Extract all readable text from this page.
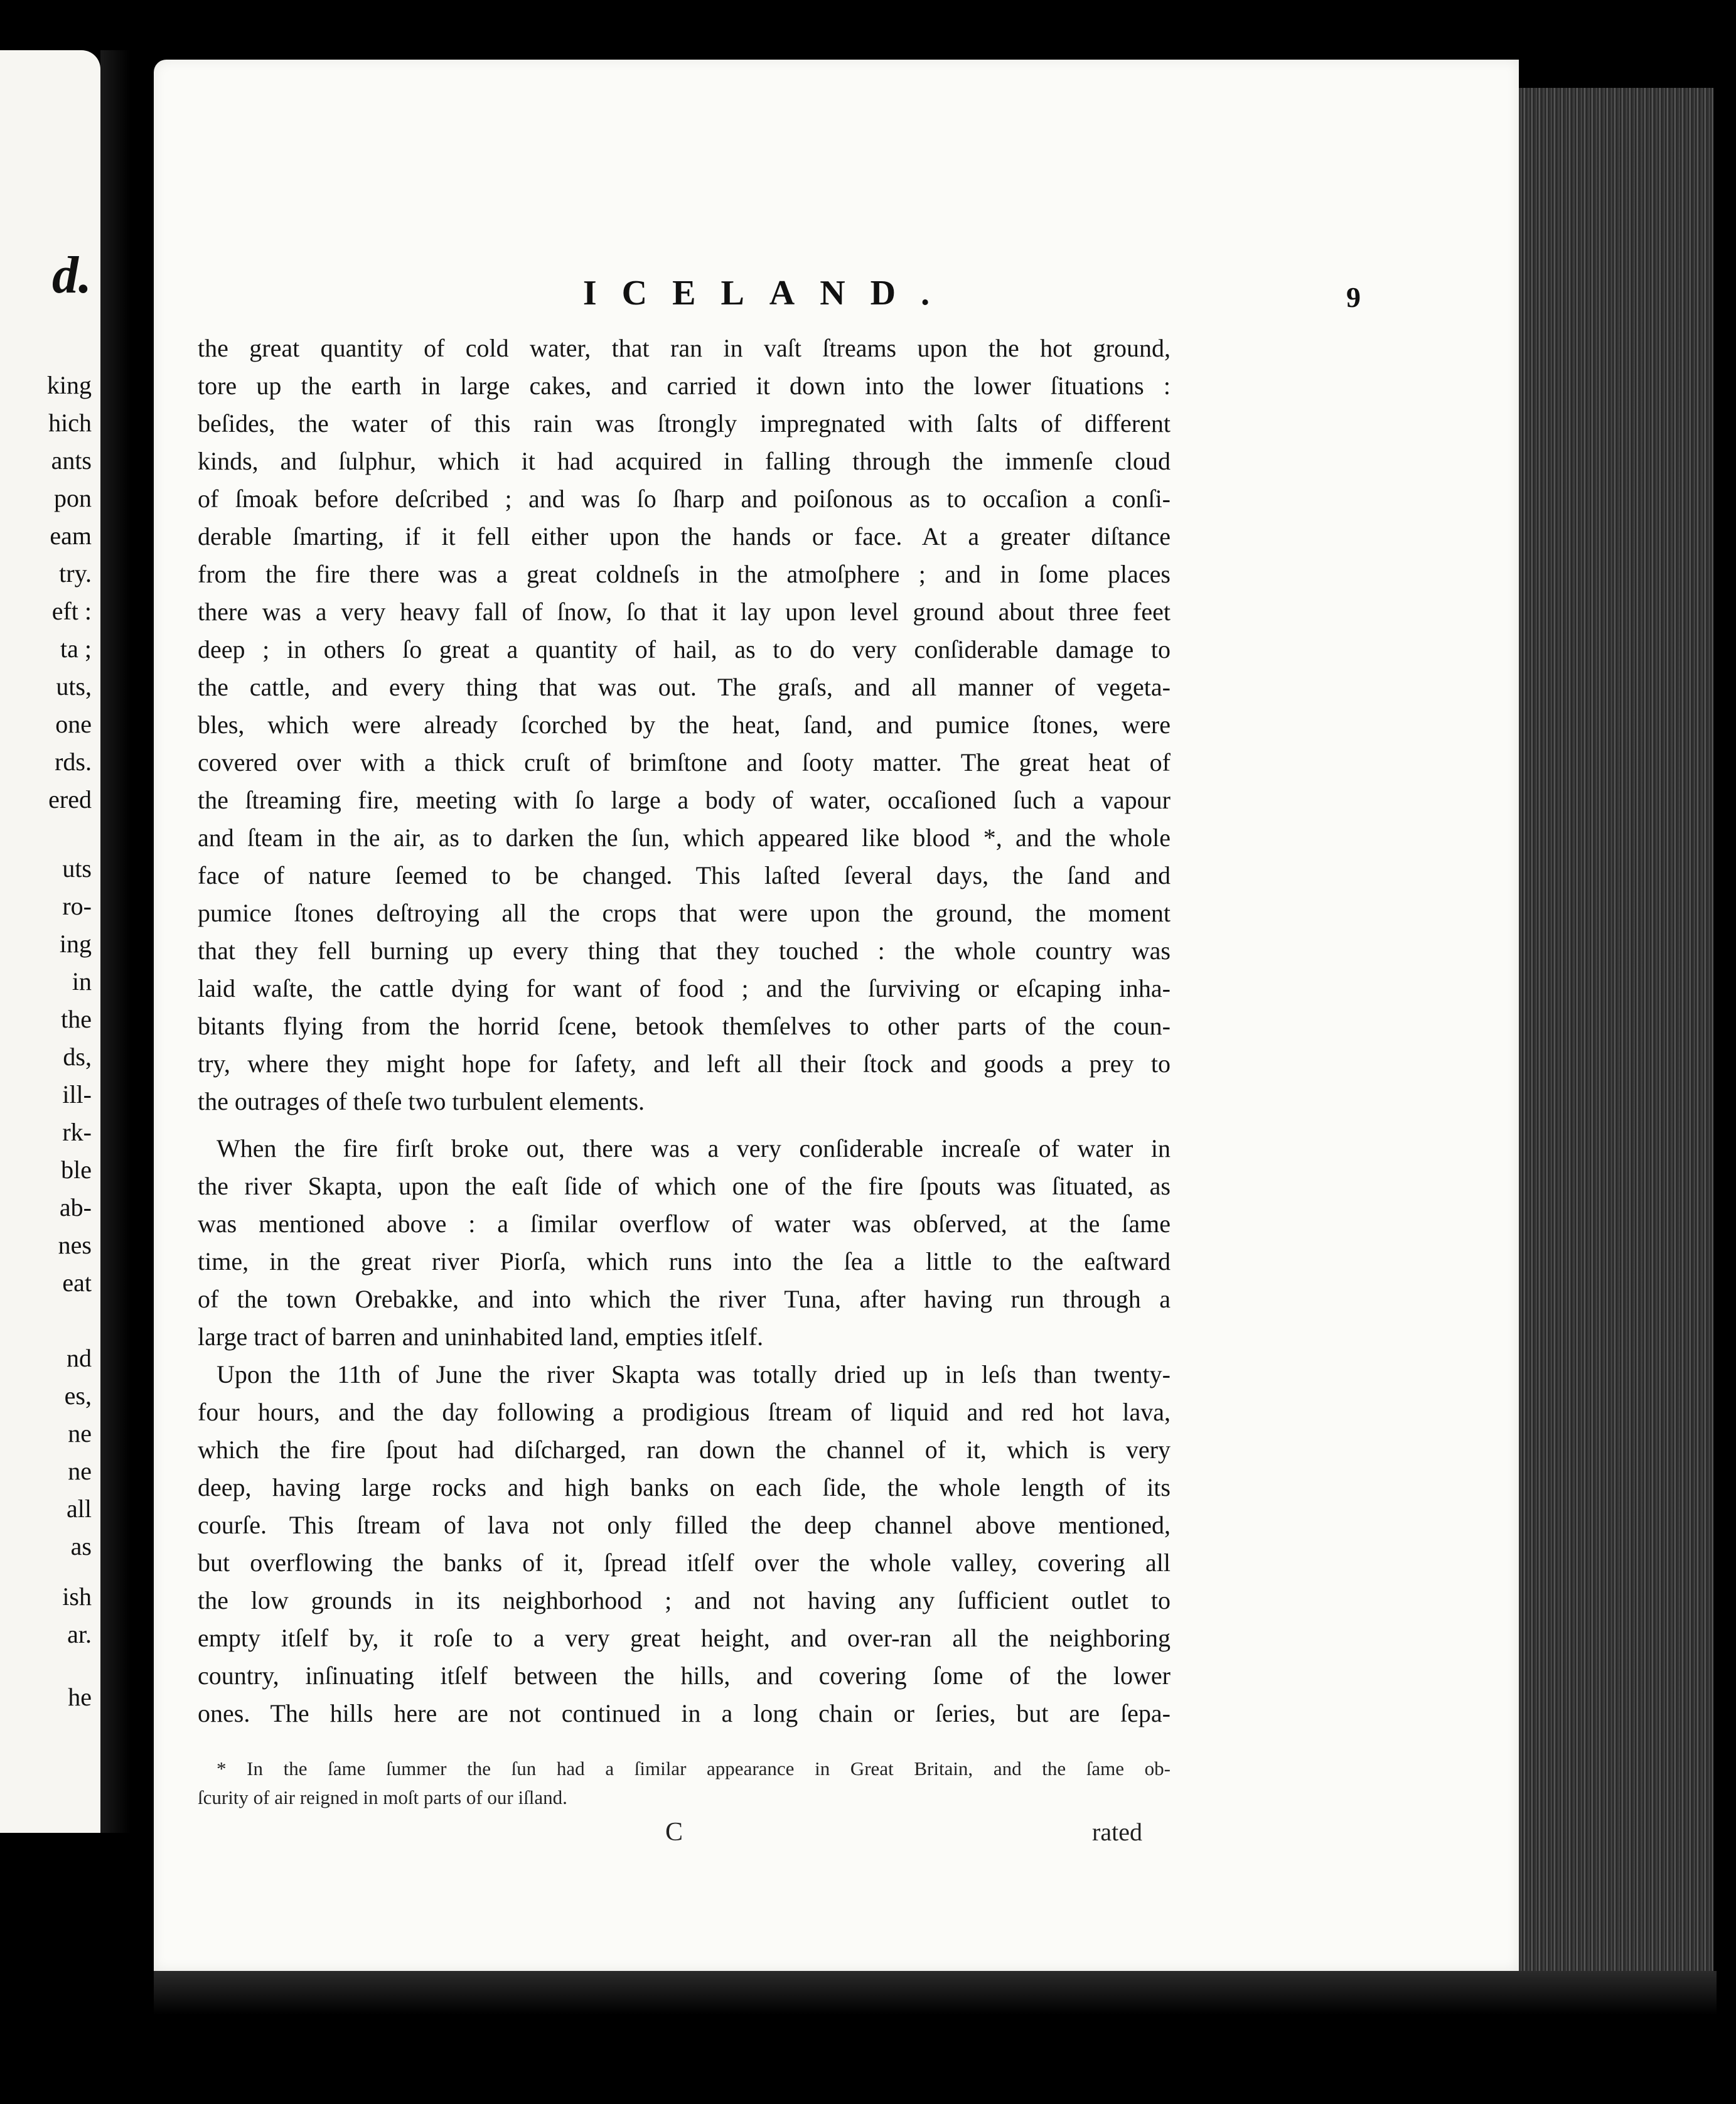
d.
king
hich
ants
pon
eam
try.
eft :
ta ;
uts,
one
rds.
ered
uts
ro-
ing
in
the
ds,
ill-
rk-
ble
ab-
nes
eat
nd
es,
ne
ne
all
as
ish
ar.
he
ICELAND.	9
the great quantity of cold water, that ran in vaſt ſtreams upon the hot ground,
tore up the earth in large cakes, and carried it down into the lower ſituations :
beſides, the water of this rain was ſtrongly impregnated with ſalts of different
kinds, and ſulphur, which it had acquired in falling through the immenſe cloud
of ſmoak before deſcribed ; and was ſo ſharp and poiſonous as to occaſion a conſi-
derable ſmarting, if it fell either upon the hands or face. At a greater diſtance
from the fire there was a great coldneſs in the atmoſphere ; and in ſome places
there was a very heavy fall of ſnow, ſo that it lay upon level ground about three feet
deep ; in others ſo great a quantity of hail, as to do very conſiderable damage to
the cattle, and every thing that was out. The graſs, and all manner of vegeta-
bles, which were already ſcorched by the heat, ſand, and pumice ſtones, were
covered over with a thick cruſt of brimſtone and ſooty matter. The great heat of
the ſtreaming fire, meeting with ſo large a body of water, occaſioned ſuch a vapour
and ſteam in the air, as to darken the ſun, which appeared like blood *, and the whole
face of nature ſeemed to be changed. This laſted ſeveral days, the ſand and
pumice ſtones deſtroying all the crops that were upon the ground, the moment
that they fell burning up every thing that they touched : the whole country was
laid waſte, the cattle dying for want of food ; and the ſurviving or eſcaping inha-
bitants flying from the horrid ſcene, betook themſelves to other parts of the coun-
try, where they might hope for ſafety, and left all their ſtock and goods a prey to
the outrages of theſe two turbulent elements.
When the fire firſt broke out, there was a very conſiderable increaſe of water in
the river Skapta, upon the eaſt ſide of which one of the fire ſpouts was ſituated, as
was mentioned above : a ſimilar overflow of water was obſerved, at the ſame
time, in the great river Piorſa, which runs into the ſea a little to the eaſtward
of the town Orebakke, and into which the river Tuna, after having run through a
large tract of barren and uninhabited land, empties itſelf.
Upon the 11th of June the river Skapta was totally dried up in leſs than twenty-
four hours, and the day following a prodigious ſtream of liquid and red hot lava,
which the fire ſpout had diſcharged, ran down the channel of it, which is very
deep, having large rocks and high banks on each ſide, the whole length of its
courſe. This ſtream of lava not only filled the deep channel above mentioned,
but overflowing the banks of it, ſpread itſelf over the whole valley, covering all
the low grounds in its neighborhood ; and not having any ſufficient outlet to
empty itſelf by, it roſe to a very great height, and over-ran all the neighboring
country, inſinuating itſelf between the hills, and covering ſome of the lower
ones. The hills here are not continued in a long chain or ſeries, but are ſepa-
* In the ſame ſummer the ſun had a ſimilar appearance in Great Britain, and the ſame ob-
ſcurity of air reigned in moſt parts of our iſland.
C	rated
